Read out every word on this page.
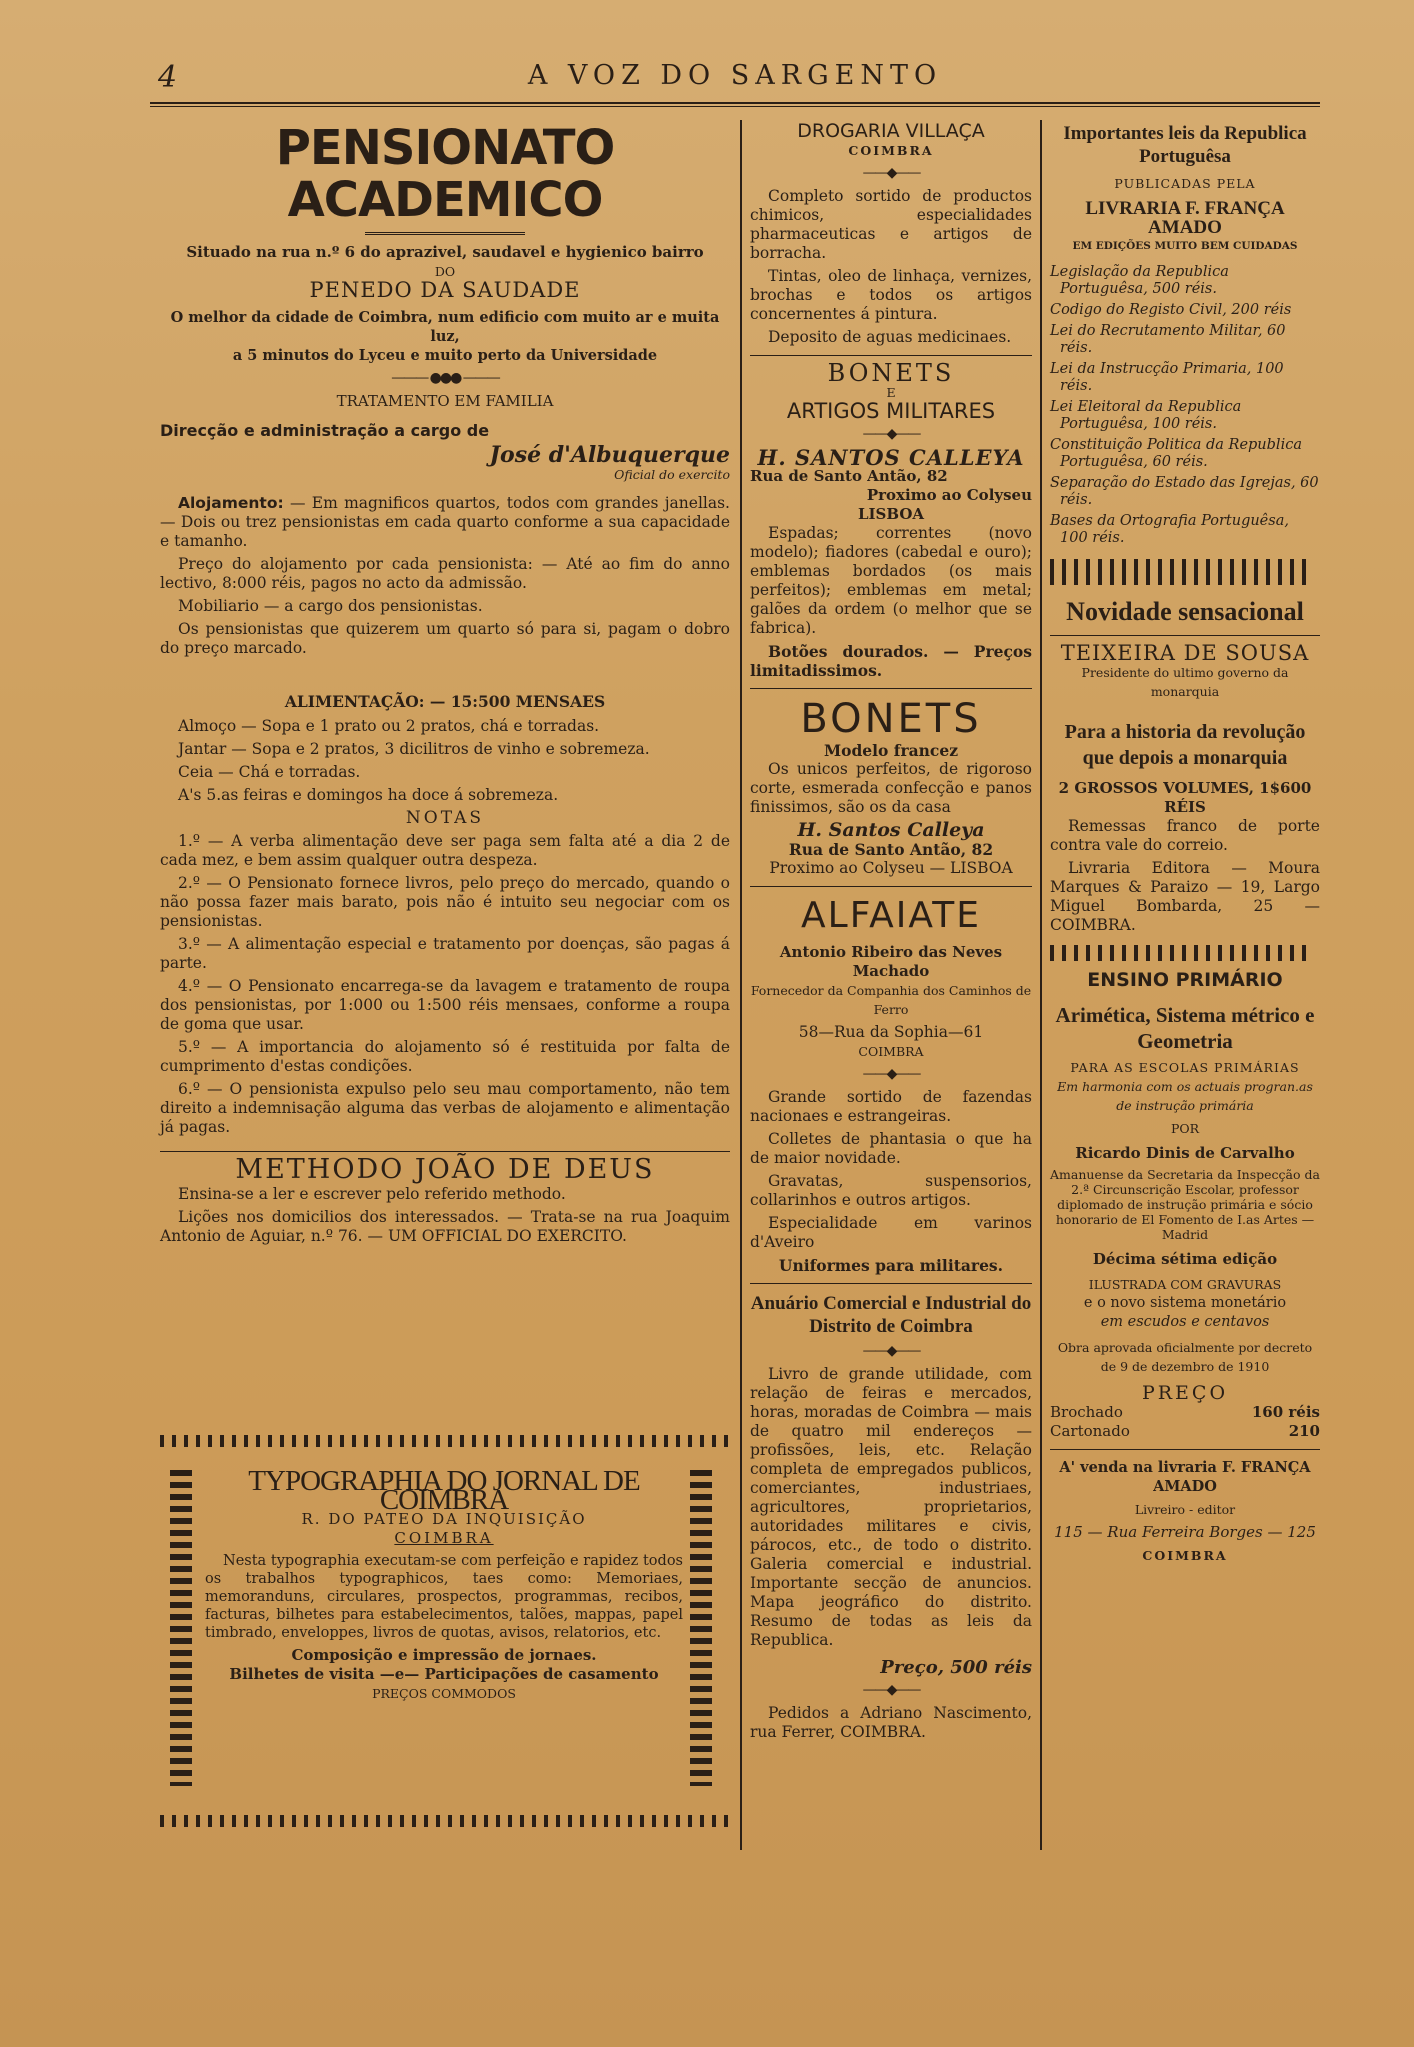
4	A VOZ DO SARGENTO
PENSIONATO ACADEMICO
Situado na rua n.º 6 do aprazivel, saudavel e hygienico bairro
DO
PENEDO DA SAUDADE
O melhor da cidade de Coimbra, num edificio com muito ar e muita luz,
a 5 minutos do Lyceu e muito perto da Universidade
——— ●●● ———
TRATAMENTO EM FAMILIA
Direcção e administração a cargo de
José d'Albuquerque
Oficial do exercito

Alojamento: — Em magnificos quartos, todos com grandes janellas. — Dois ou trez pensionistas em cada quarto conforme a sua capacidade e tamanho.

Preço do alojamento por cada pensionista: — Até ao fim do anno lectivo, 8:000 réis, pagos no acto da admissão.

Mobiliario — a cargo dos pensionistas.

Os pensionistas que quizerem um quarto só para si, pagam o dobro do preço marcado.

ALIMENTAÇÃO: — 15:500 MENSAES

Almoço — Sopa e 1 prato ou 2 pratos, chá e torradas.

Jantar — Sopa e 2 pratos, 3 dicilitros de vinho e sobremeza.

Ceia — Chá e torradas.

A's 5.as feiras e domingos ha doce á sobremeza.

NOTAS

1.º — A verba alimentação deve ser paga sem falta até a dia 2 de cada mez, e bem assim qualquer outra despeza.

2.º — O Pensionato fornece livros, pelo preço do mercado, quando o não possa fazer mais barato, pois não é intuito seu negociar com os pensionistas.

3.º — A alimentação especial e tratamento por doenças, são pagas á parte.

4.º — O Pensionato encarrega-se da lavagem e tratamento de roupa dos pensionistas, por 1:000 ou 1:500 réis mensaes, conforme a roupa de goma que usar.

5.º — A importancia do alojamento só é restituida por falta de cumprimento d'estas condições.

6.º — O pensionista expulso pelo seu mau comportamento, não tem direito a indemnisação alguma das verbas de alojamento e alimentação já pagas.

METHODO JOÃO DE DEUS

Ensina-se a ler e escrever pelo referido methodo.

Lições nos domicilios dos interessados. — Trata-se na rua Joaquim Antonio de Aguiar, n.º 76. — UM OFFICIAL DO EXERCITO.

TYPOGRAPHIA DO JORNAL DE COIMBRA
R. DO PATEO DA INQUISIÇÃO
COIMBRA

Nesta typographia executam-se com perfeição e rapidez todos os trabalhos typographicos, taes como: Memoriaes, memoranduns, circulares, prospectos, programmas, recibos, facturas, bilhetes para estabelecimentos, talões, mappas, papel timbrado, enveloppes, livros de quotas, avisos, relatorios, etc.

Composição e impressão de jornaes.
Bilhetes de visita —e— Participações de casamento
PREÇOS COMMODOS
DROGARIA VILLAÇA
COIMBRA
——◆——

Completo sortido de productos chimicos, especialidades pharmaceuticas e artigos de borracha.

Tintas, oleo de linhaça, vernizes, brochas e todos os artigos concernentes á pintura.

Deposito de aguas medicinaes.

BONETS
E
ARTIGOS MILITARES
——◆——
H. SANTOS CALLEYA
Rua de Santo Antão, 82
Proximo ao Colyseu
LISBOA

Espadas; correntes (novo modelo); fiadores (cabedal e ouro); emblemas bordados (os mais perfeitos); emblemas em metal; galões da ordem (o melhor que se fabrica).

Botões dourados. — Preços limitadissimos.

BONETS
Modelo francez

Os unicos perfeitos, de rigoroso corte, esmerada confecção e panos finissimos, são os da casa

H. Santos Calleya
Rua de Santo Antão, 82
Proximo ao Colyseu — LISBOA
ALFAIATE
Antonio Ribeiro das Neves Machado
Fornecedor da Companhia dos Caminhos de Ferro
58—Rua da Sophia—61
COIMBRA
——◆——

Grande sortido de fazendas nacionaes e estrangeiras.

Colletes de phantasia o que ha de maior novidade.

Gravatas, suspensorios, collarinhos e outros artigos.

Especialidade em varinos d'Aveiro

Uniformes para militares.
Anuário Comercial e Industrial do Distrito de Coimbra
——◆——

Livro de grande utilidade, com relação de feiras e mercados, horas, moradas de Coimbra — mais de quatro mil endereços — profissões, leis, etc. Relação completa de empregados publicos, comerciantes, industriaes, agricultores, proprietarios, autoridades militares e civis, párocos, etc., de todo o distrito. Galeria comercial e industrial. Importante secção de anuncios. Mapa jeográfico do distrito. Resumo de todas as leis da Republica.

Preço, 500 réis
——◆——

Pedidos a Adriano Nascimento, rua Ferrer, COIMBRA.

Importantes leis da Republica Portuguêsa
PUBLICADAS PELA
LIVRARIA F. FRANÇA AMADO
EM EDIÇÕES MUITO BEM CUIDADAS
Legislação da Republica Portuguêsa, 500 réis.
Codigo do Registo Civil, 200 réis
Lei do Recrutamento Militar, 60 réis.
Lei da Instrucção Primaria, 100 réis.
Lei Eleitoral da Republica Portuguêsa, 100 réis.
Constituição Politica da Republica Portuguêsa, 60 réis.
Separação do Estado das Igrejas, 60 réis.
Bases da Ortografia Portuguêsa, 100 réis.
Novidade sensacional
TEIXEIRA DE SOUSA
Presidente do ultimo governo da monarquia
Para a historia da revolução que depois a monarquia
2 GROSSOS VOLUMES, 1$600 RÉIS

Remessas franco de porte contra vale do correio.

Livraria Editora — Moura Marques & Paraizo — 19, Largo Miguel Bombarda, 25 — COIMBRA.

ENSINO PRIMÁRIO
Arimética, Sistema métrico e Geometria
PARA AS ESCOLAS PRIMÁRIAS
Em harmonia com os actuais progran.as de instrução primária
POR
Ricardo Dinis de Carvalho
Amanuense da Secretaria da Inspecção da 2.ª Circunscrição Escolar, professor diplomado de instrução primária e sócio honorario de El Fomento de I.as Artes — Madrid
Décima sétima edição
ILUSTRADA COM GRAVURAS
e o novo sistema monetário
em escudos e centavos
Obra aprovada oficialmente por decreto de 9 de dezembro de 1910
PREÇO
Brochado	160 réis
Cartonado	210
A' venda na livraria F. FRANÇA AMADO
Livreiro - editor
115 — Rua Ferreira Borges — 125
COIMBRA
